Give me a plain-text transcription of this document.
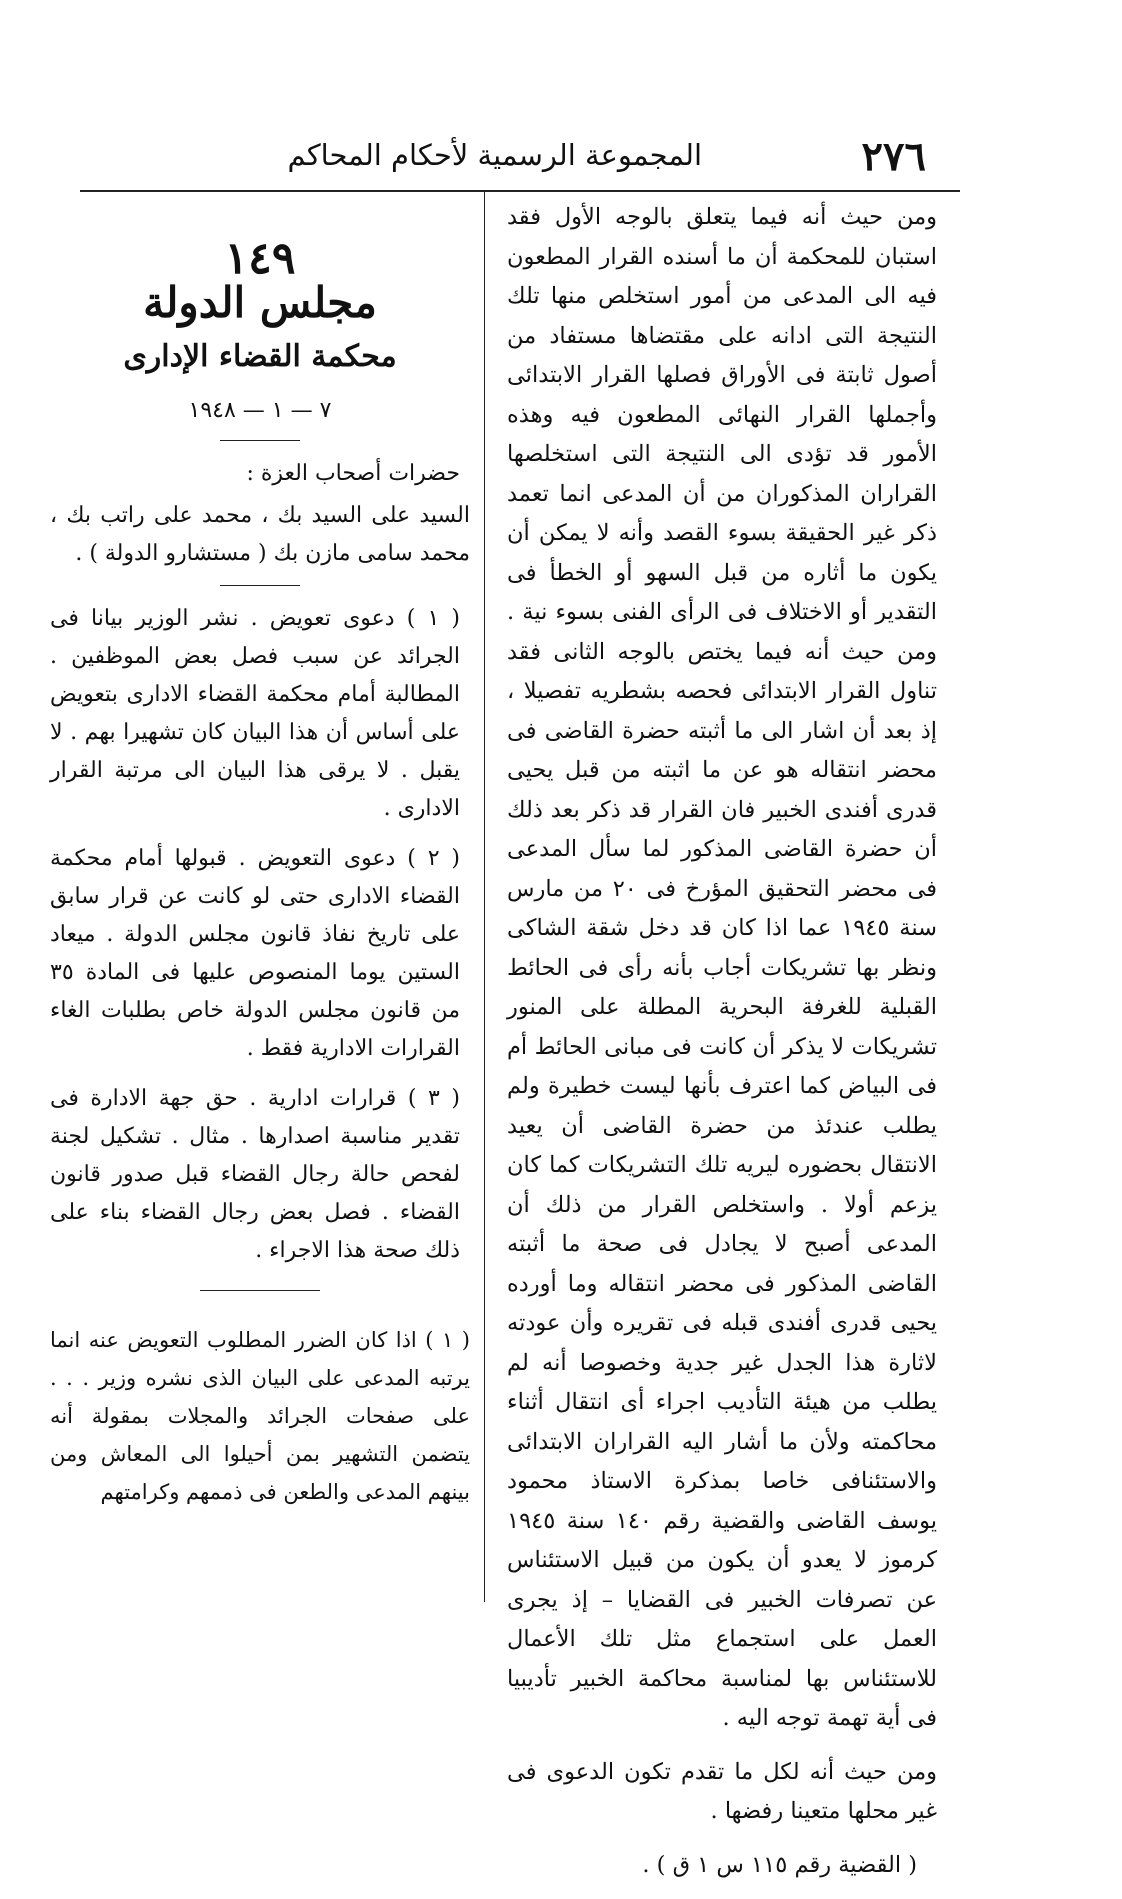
٢٧٦
المجموعة الرسمية لأحكام المحاكم

ومن حيث أنه فيما يتعلق بالوجه الأول فقد استبان للمحكمة أن ما أسنده القرار المطعون فيه الى المدعى من أمور استخلص منها تلك النتيجة التى ادانه على مقتضاها مستفاد من أصول ثابتة فى الأوراق فصلها القرار الابتدائى وأجملها القرار النهائى المطعون فيه وهذه الأمور قد تؤدى الى النتيجة التى استخلصها القراران المذكوران من أن المدعى انما تعمد ذكر غير الحقيقة بسوء القصد وأنه لا يمكن أن يكون ما أثاره من قبل السهو أو الخطأ فى التقدير أو الاختلاف فى الرأى الفنى بسوء نية . ومن حيث أنه فيما يختص بالوجه الثانى فقد تناول القرار الابتدائى فحصه بشطريه تفصيلا ، إذ بعد أن اشار الى ما أثبته حضرة القاضى فى محضر انتقاله هو عن ما اثبته من قبل يحيى قدرى أفندى الخبير فان القرار قد ذكر بعد ذلك أن حضرة القاضى المذكور لما سأل المدعى فى محضر التحقيق المؤرخ فى ٢٠ من مارس سنة ١٩٤٥ عما اذا كان قد دخل شقة الشاكى ونظر بها تشريكات أجاب بأنه رأى فى الحائط القبلية للغرفة البحرية المطلة على المنور تشريكات لا يذكر أن كانت فى مبانى الحائط أم فى البياض كما اعترف بأنها ليست خطيرة ولم يطلب عندئذ من حضرة القاضى أن يعيد الانتقال بحضوره ليريه تلك التشريكات كما كان يزعم أولا . واستخلص القرار من ذلك أن المدعى أصبح لا يجادل فى صحة ما أثبته القاضى المذكور فى محضر انتقاله وما أورده يحيى قدرى أفندى قبله فى تقريره وأن عودته لاثارة هذا الجدل غير جدية وخصوصا أنه لم يطلب من هيئة التأديب اجراء أى انتقال أثناء محاكمته ولأن ما أشار اليه القراران الابتدائى والاستئنافى خاصا بمذكرة الاستاذ محمود يوسف القاضى والقضية رقم ١٤٠ سنة ١٩٤٥ كرموز لا يعدو أن يكون من قبيل الاستئناس عن تصرفات الخبير فى القضايا – إذ يجرى العمل على استجماع مثل تلك الأعمال للاستئناس بها لمناسبة محاكمة الخبير تأديبيا فى أية تهمة توجه اليه .

ومن حيث أنه لكل ما تقدم تكون الدعوى فى غير محلها متعينا رفضها .

( القضية رقم ١١٥ س ١ ق ) .

١٤٩
مجلس الدولة
محكمة القضاء الإدارى
٧ — ١ — ١٩٤٨

حضرات أصحاب العزة :

السيد على السيد بك ، محمد على راتب بك ، محمد سامى مازن بك ( مستشارو الدولة ) .

( ١ ) دعوى تعويض . نشر الوزير بيانا فى الجرائد عن سبب فصل بعض الموظفين . المطالبة أمام محكمة القضاء الادارى بتعويض على أساس أن هذا البيان كان تشهيرا بهم . لا يقبل . لا يرقى هذا البيان الى مرتبة القرار الادارى .

( ٢ ) دعوى التعويض . قبولها أمام محكمة القضاء الادارى حتى لو كانت عن قرار سابق على تاريخ نفاذ قانون مجلس الدولة . ميعاد الستين يوما المنصوص عليها فى المادة ٣٥ من قانون مجلس الدولة خاص بطلبات الغاء القرارات الادارية فقط .

( ٣ ) قرارات ادارية . حق جهة الادارة فى تقدير مناسبة اصدارها . مثال . تشكيل لجنة لفحص حالة رجال القضاء قبل صدور قانون القضاء . فصل بعض رجال القضاء بناء على ذلك صحة هذا الاجراء .

( ١ ) اذا كان الضرر المطلوب التعويض عنه انما يرتبه المدعى على البيان الذى نشره وزير . . . على صفحات الجرائد والمجلات بمقولة أنه يتضمن التشهير بمن أحيلوا الى المعاش ومن بينهم المدعى والطعن فى ذممهم وكرامتهم
